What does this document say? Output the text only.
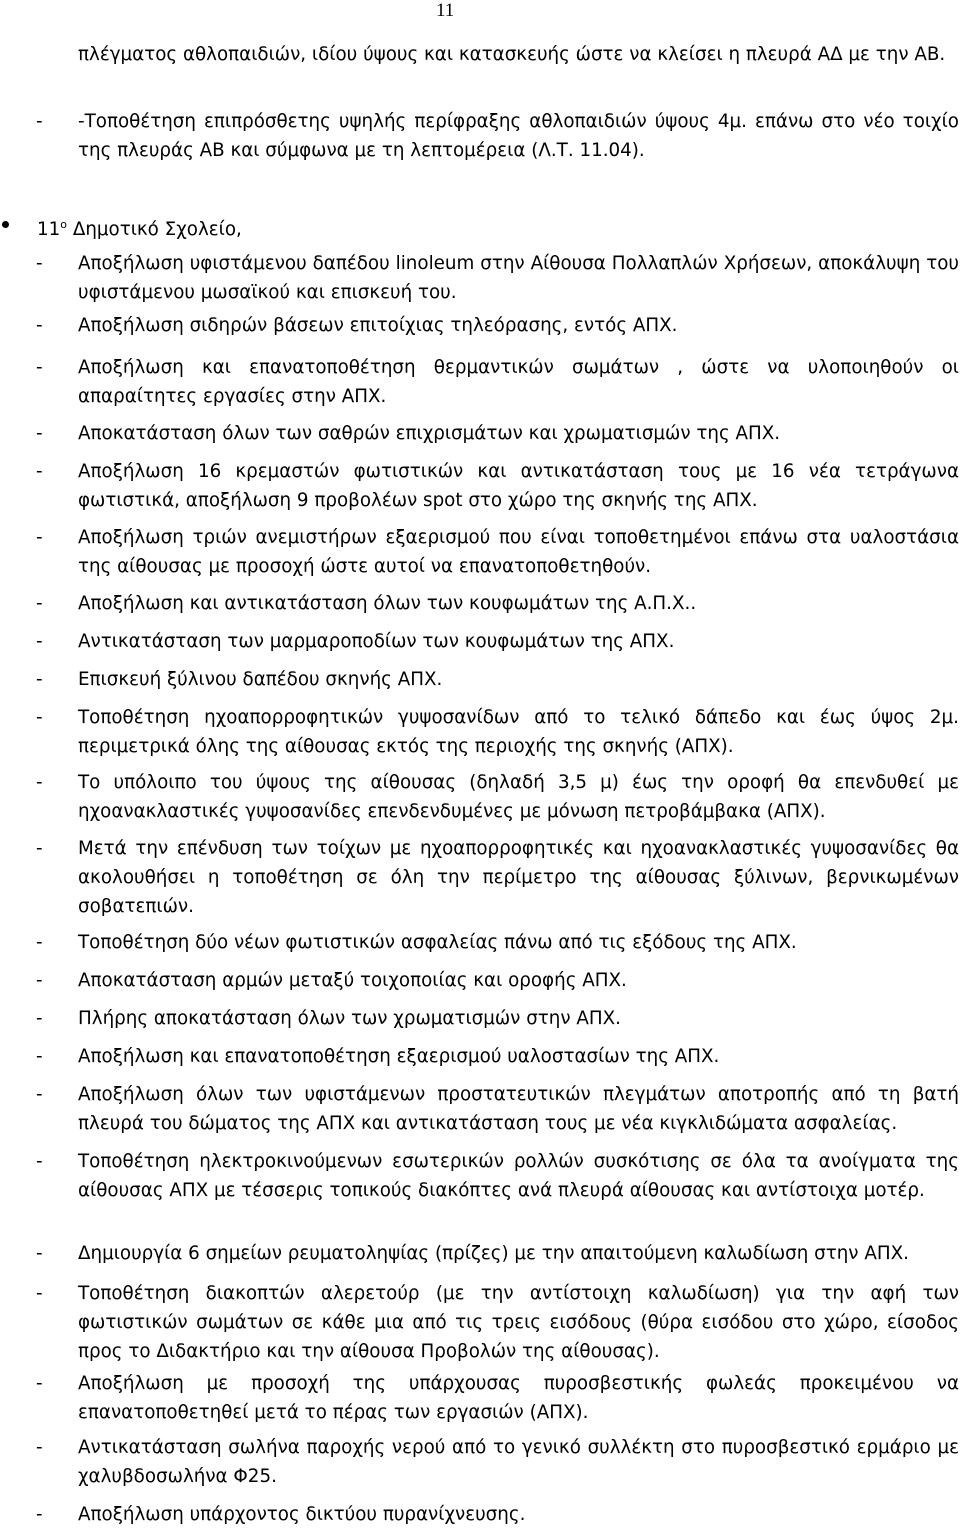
11
πλέγματος αθλοπαιδιών, ιδίου ύψους και κατασκευής ώστε να κλείσει η πλευρά ΑΔ με την ΑΒ.
- -Τοποθέτηση επιπρόσθετης υψηλής περίφραξης αθλοπαιδιών ύψους 4μ. επάνω στο νέο τοιχίο της πλευράς ΑΒ και σύμφωνα με τη λεπτομέρεια (Λ.Τ. 11.04).
$11^o$ Δημοτικό Σχολείο,
- Αποξήλωση υφιστάμενου δαπέδου linoleum στην Αίθουσα Πολλαπλών Χρήσεων, αποκάλυψη του υφιστάμενου μωσαϊκού και επισκευή του.
- Αποξήλωση σιδηρών βάσεων επιτοίχιας τηλεόρασης, εντός ΑΠΧ.
- Αποξήλωση και επανατοποθέτηση θερμαντικών σωμάτων , ώστε να υλοποιηθούν οι απαραίτητες εργασίες στην ΑΠΧ.
- Αποκατάσταση όλων των σαθρών επιχρισμάτων και χρωματισμών της ΑΠΧ.
- Αποξήλωση 16 κρεμαστών φωτιστικών και αντικατάσταση τους με 16 νέα τετράγωνα φωτιστικά, αποξήλωση 9 προβολέων spot στο χώρο της σκηνής της ΑΠΧ.
- Αποξήλωση τριών ανεμιστήρων εξαερισμού που είναι τοποθετημένοι επάνω στα υαλοστάσια της αίθουσας με προσοχή ώστε αυτοί να επανατοποθετηθούν.
- Αποξήλωση και αντικατάσταση όλων των κουφωμάτων της Α.Π.Χ..
- Αντικατάσταση των μαρμαροποδίων των κουφωμάτων της ΑΠΧ.
- Επισκευή ξύλινου δαπέδου σκηνής ΑΠΧ.
- Τοποθέτηση ηχοαπορροφητικών γυψοσανίδων από το τελικό δάπεδο και έως ύψος 2μ. περιμετρικά όλης της αίθουσας εκτός της περιοχής της σκηνής (ΑΠΧ).
- Το υπόλοιπο του ύψους της αίθουσας (δηλαδή 3,5 μ) έως την οροφή θα επενδυθεί με ηχοανακλαστικές γυψοσανίδες επενδενδυμένες με μόνωση πετροβάμβακα (ΑΠΧ).
- Μετά την επένδυση των τοίχων με ηχοαπορροφητικές και ηχοανακλαστικές γυψοσανίδες θα ακολουθήσει η τοποθέτηση σε όλη την περίμετρο της αίθουσας ξύλινων, βερνικωμένων σοβατεπιών.
- Τοποθέτηση δύο νέων φωτιστικών ασφαλείας πάνω από τις εξόδους της ΑΠΧ.
- Αποκατάσταση αρμών μεταξύ τοιχοποιίας και οροφής ΑΠΧ.
- Πλήρης αποκατάσταση όλων των χρωματισμών στην ΑΠΧ.
- Αποξήλωση και επανατοποθέτηση εξαερισμού υαλοστασίων της ΑΠΧ.
- Αποξήλωση όλων των υφιστάμενων προστατευτικών πλεγμάτων αποτροπής από τη βατή πλευρά του δώματος της ΑΠΧ και αντικατάσταση τους με νέα κιγκλιδώματα ασφαλείας.
- Τοποθέτηση ηλεκτροκινούμενων εσωτερικών ρολλών συσκότισης σε όλα τα ανοίγματα της αίθουσας ΑΠΧ με τέσσερις τοπικούς διακόπτες ανά πλευρά αίθουσας και αντίστοιχα μοτέρ.
- Δημιουργία 6 σημείων ρευματοληψίας (πρίζες) με την απαιτούμενη καλωδίωση στην ΑΠΧ.
- Τοποθέτηση διακοπτών αλερετούρ (με την αντίστοιχη καλωδίωση) για την αφή των φωτιστικών σωμάτων σε κάθε μια από τις τρεις εισόδους (θύρα εισόδου στο χώρο, είσοδος προς το Διδακτήριο και την αίθουσα Προβολών της αίθουσας).
- Αποξήλωση με προσοχή της υπάρχουσας πυροσβεστικής φωλεάς προκειμένου να επανατοποθετηθεί μετά το πέρας των εργασιών (ΑΠΧ).
- Αντικατάσταση σωλήνα παροχής νερού από το γενικό συλλέκτη στο πυροσβεστικό ερμάριο με χαλυβδοσωλήνα Φ25.
- Αποξήλωση υπάρχοντος δικτύου πυρανίχνευσης.
